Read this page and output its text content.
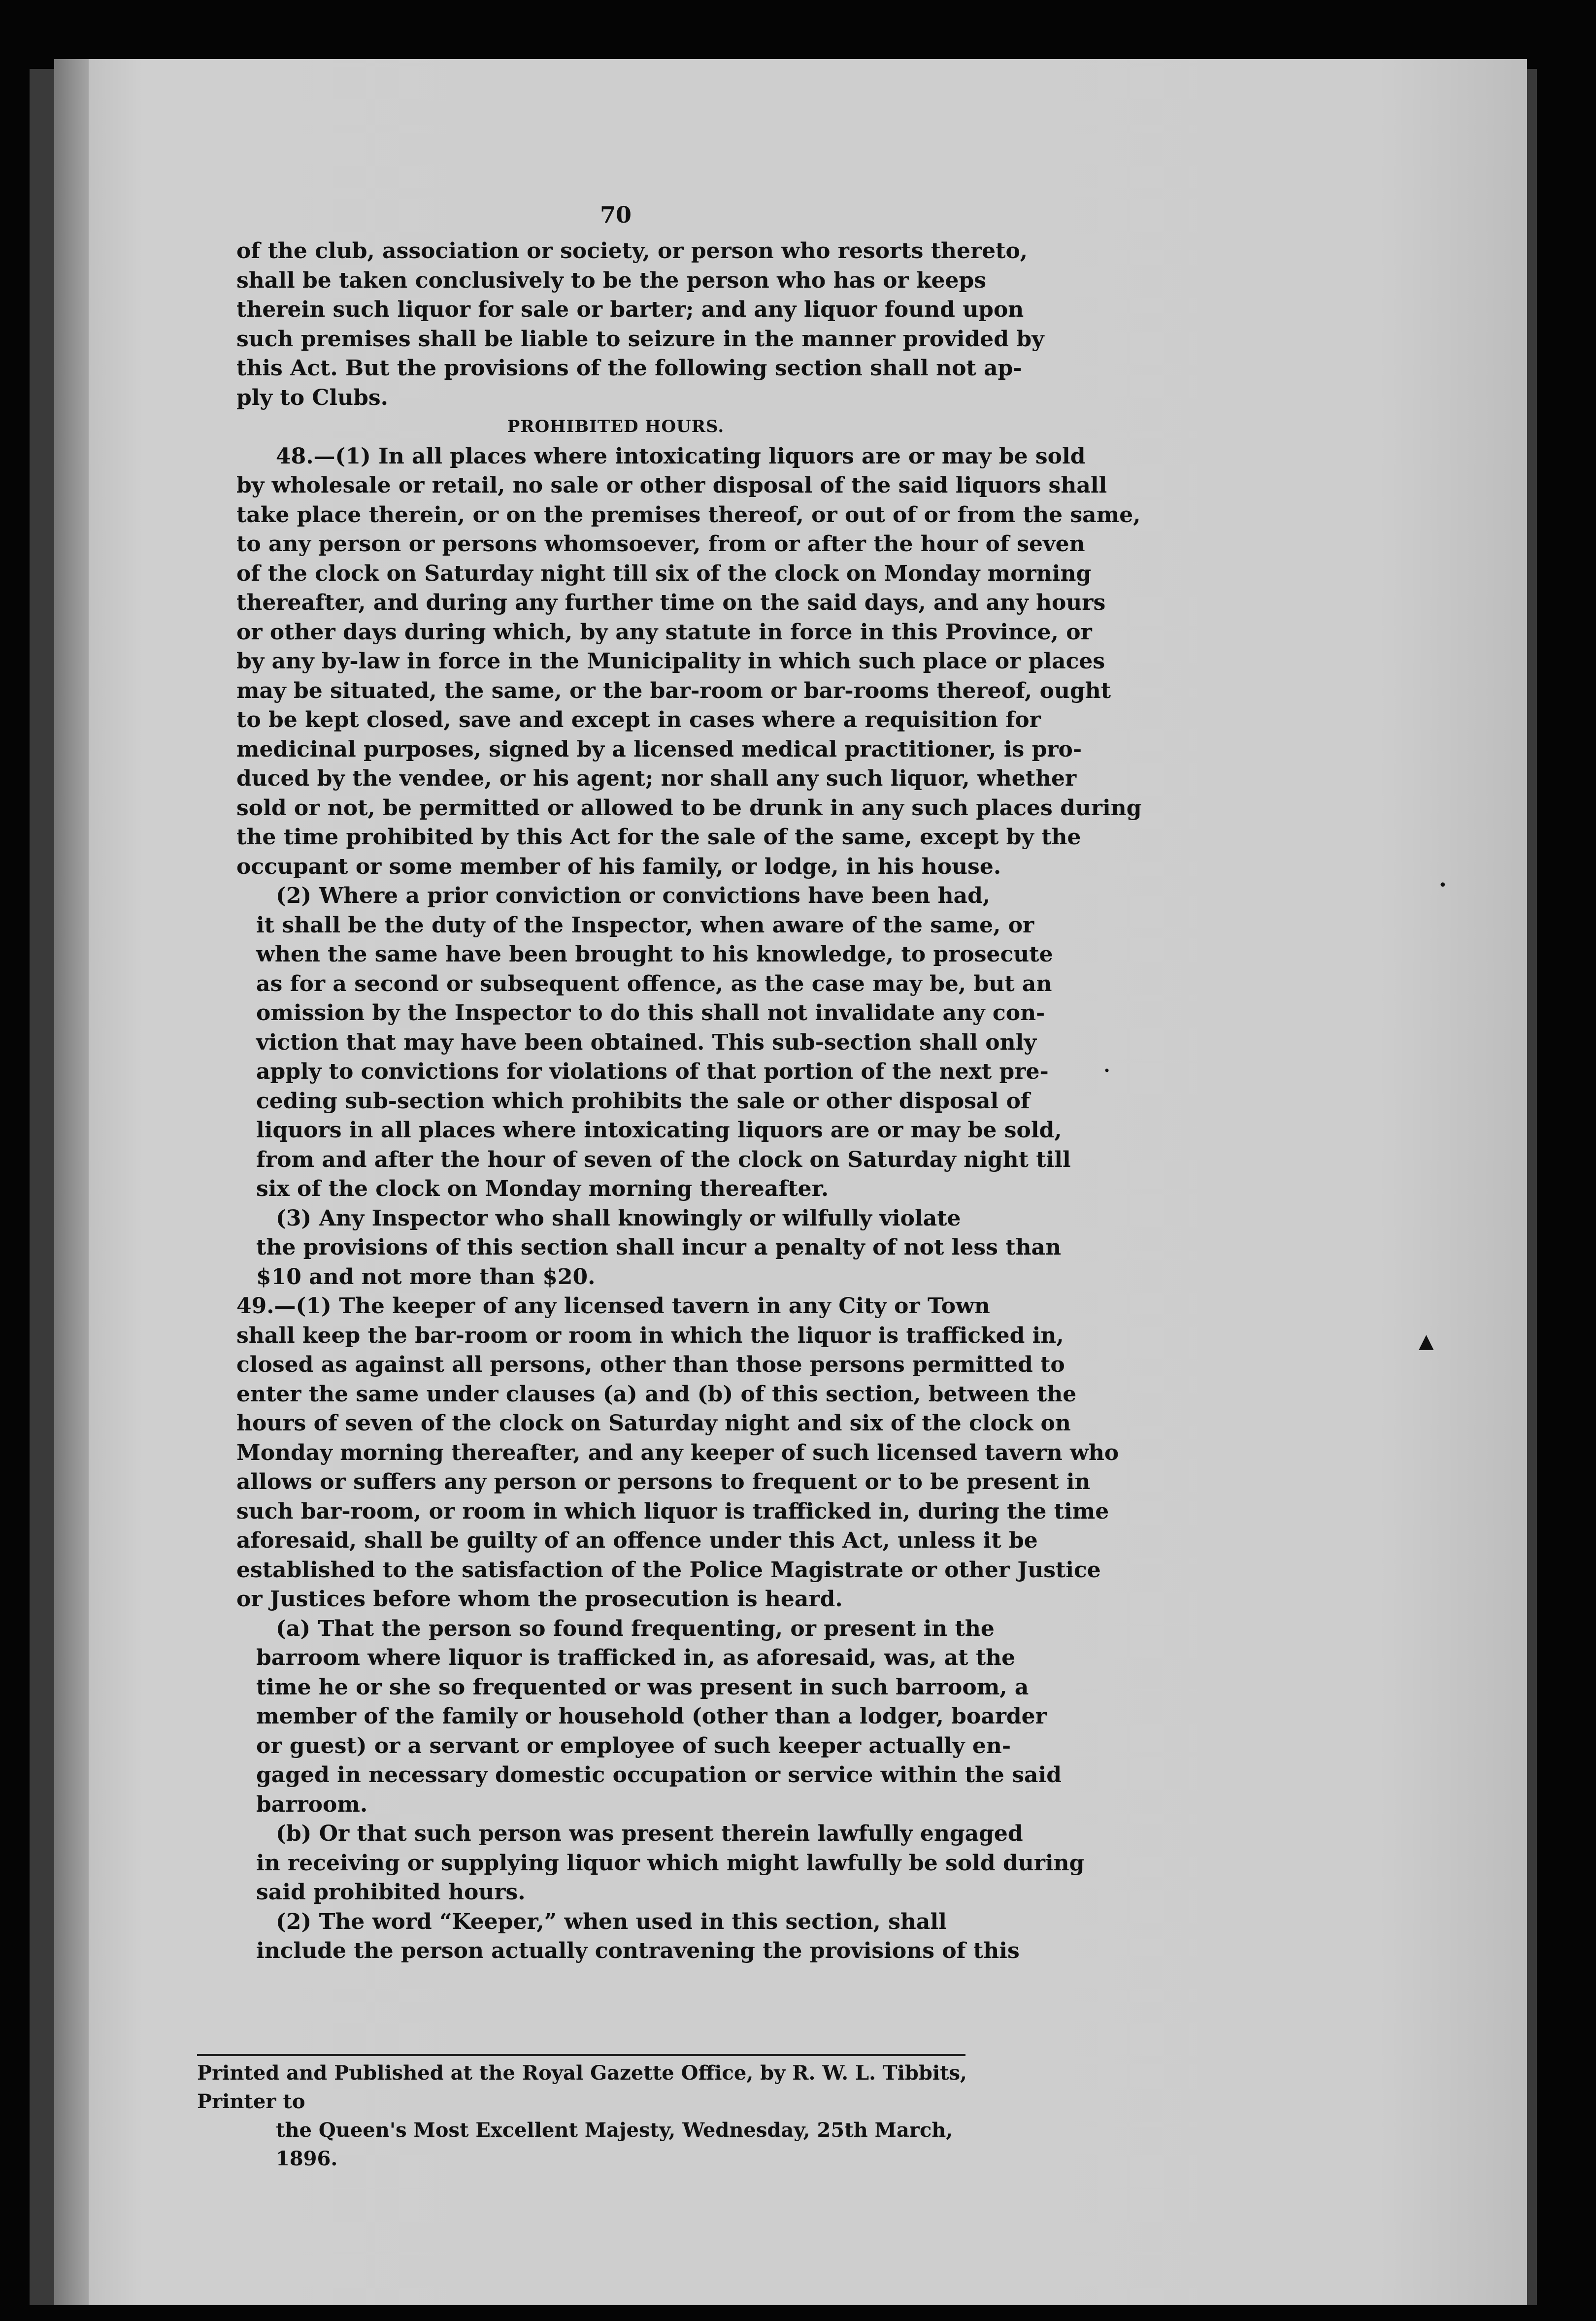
70
of the club, association or society, or person who resorts thereto,
shall be taken conclusively to be the person who has or keeps
therein such liquor for sale or barter; and any liquor found upon
such premises shall be liable to seizure in the manner provided by
this Act. But the provisions of the following section shall not ap-
ply to Clubs.
PROHIBITED HOURS.
48.—(1) In all places where intoxicating liquors are or may be sold
by wholesale or retail, no sale or other disposal of the said liquors shall
take place therein, or on the premises thereof, or out of or from the same,
to any person or persons whomsoever, from or after the hour of seven
of the clock on Saturday night till six of the clock on Monday morning
thereafter, and during any further time on the said days, and any hours
or other days during which, by any statute in force in this Province, or
by any by-law in force in the Municipality in which such place or places
may be situated, the same, or the bar-room or bar-rooms thereof, ought
to be kept closed, save and except in cases where a requisition for
medicinal purposes, signed by a licensed medical practitioner, is pro-
duced by the vendee, or his agent; nor shall any such liquor, whether
sold or not, be permitted or allowed to be drunk in any such places during
the time prohibited by this Act for the sale of the same, except by the
occupant or some member of his family, or lodge, in his house.
(2) Where a prior conviction or convictions have been had,
it shall be the duty of the Inspector, when aware of the same, or
when the same have been brought to his knowledge, to prosecute
as for a second or subsequent offence, as the case may be, but an
omission by the Inspector to do this shall not invalidate any con-
viction that may have been obtained. This sub-section shall only
apply to convictions for violations of that portion of the next pre-
ceding sub-section which prohibits the sale or other disposal of
liquors in all places where intoxicating liquors are or may be sold,
from and after the hour of seven of the clock on Saturday night till
six of the clock on Monday morning thereafter.
(3) Any Inspector who shall knowingly or wilfully violate
the provisions of this section shall incur a penalty of not less than
$10 and not more than $20.
49.—(1) The keeper of any licensed tavern in any City or Town
shall keep the bar-room or room in which the liquor is trafficked in,
closed as against all persons, other than those persons permitted to
enter the same under clauses (a) and (b) of this section, between the
hours of seven of the clock on Saturday night and six of the clock on
Monday morning thereafter, and any keeper of such licensed tavern who
allows or suffers any person or persons to frequent or to be present in
such bar-room, or room in which liquor is trafficked in, during the time
aforesaid, shall be guilty of an offence under this Act, unless it be
established to the satisfaction of the Police Magistrate or other Justice
or Justices before whom the prosecution is heard.
(a) That the person so found frequenting, or present in the
barroom where liquor is trafficked in, as aforesaid, was, at the
time he or she so frequented or was present in such barroom, a
member of the family or household (other than a lodger, boarder
or guest) or a servant or employee of such keeper actually en-
gaged in necessary domestic occupation or service within the said
barroom.
(b) Or that such person was present therein lawfully engaged
in receiving or supplying liquor which might lawfully be sold during
said prohibited hours.
(2) The word “Keeper,” when used in this section, shall
include the person actually contravening the provisions of this
Printed and Published at the Royal Gazette Office, by R. W. L. Tibbits, Printer to
the Queen's Most Excellent Majesty, Wednesday, 25th March, 1896.
▲
•
•
